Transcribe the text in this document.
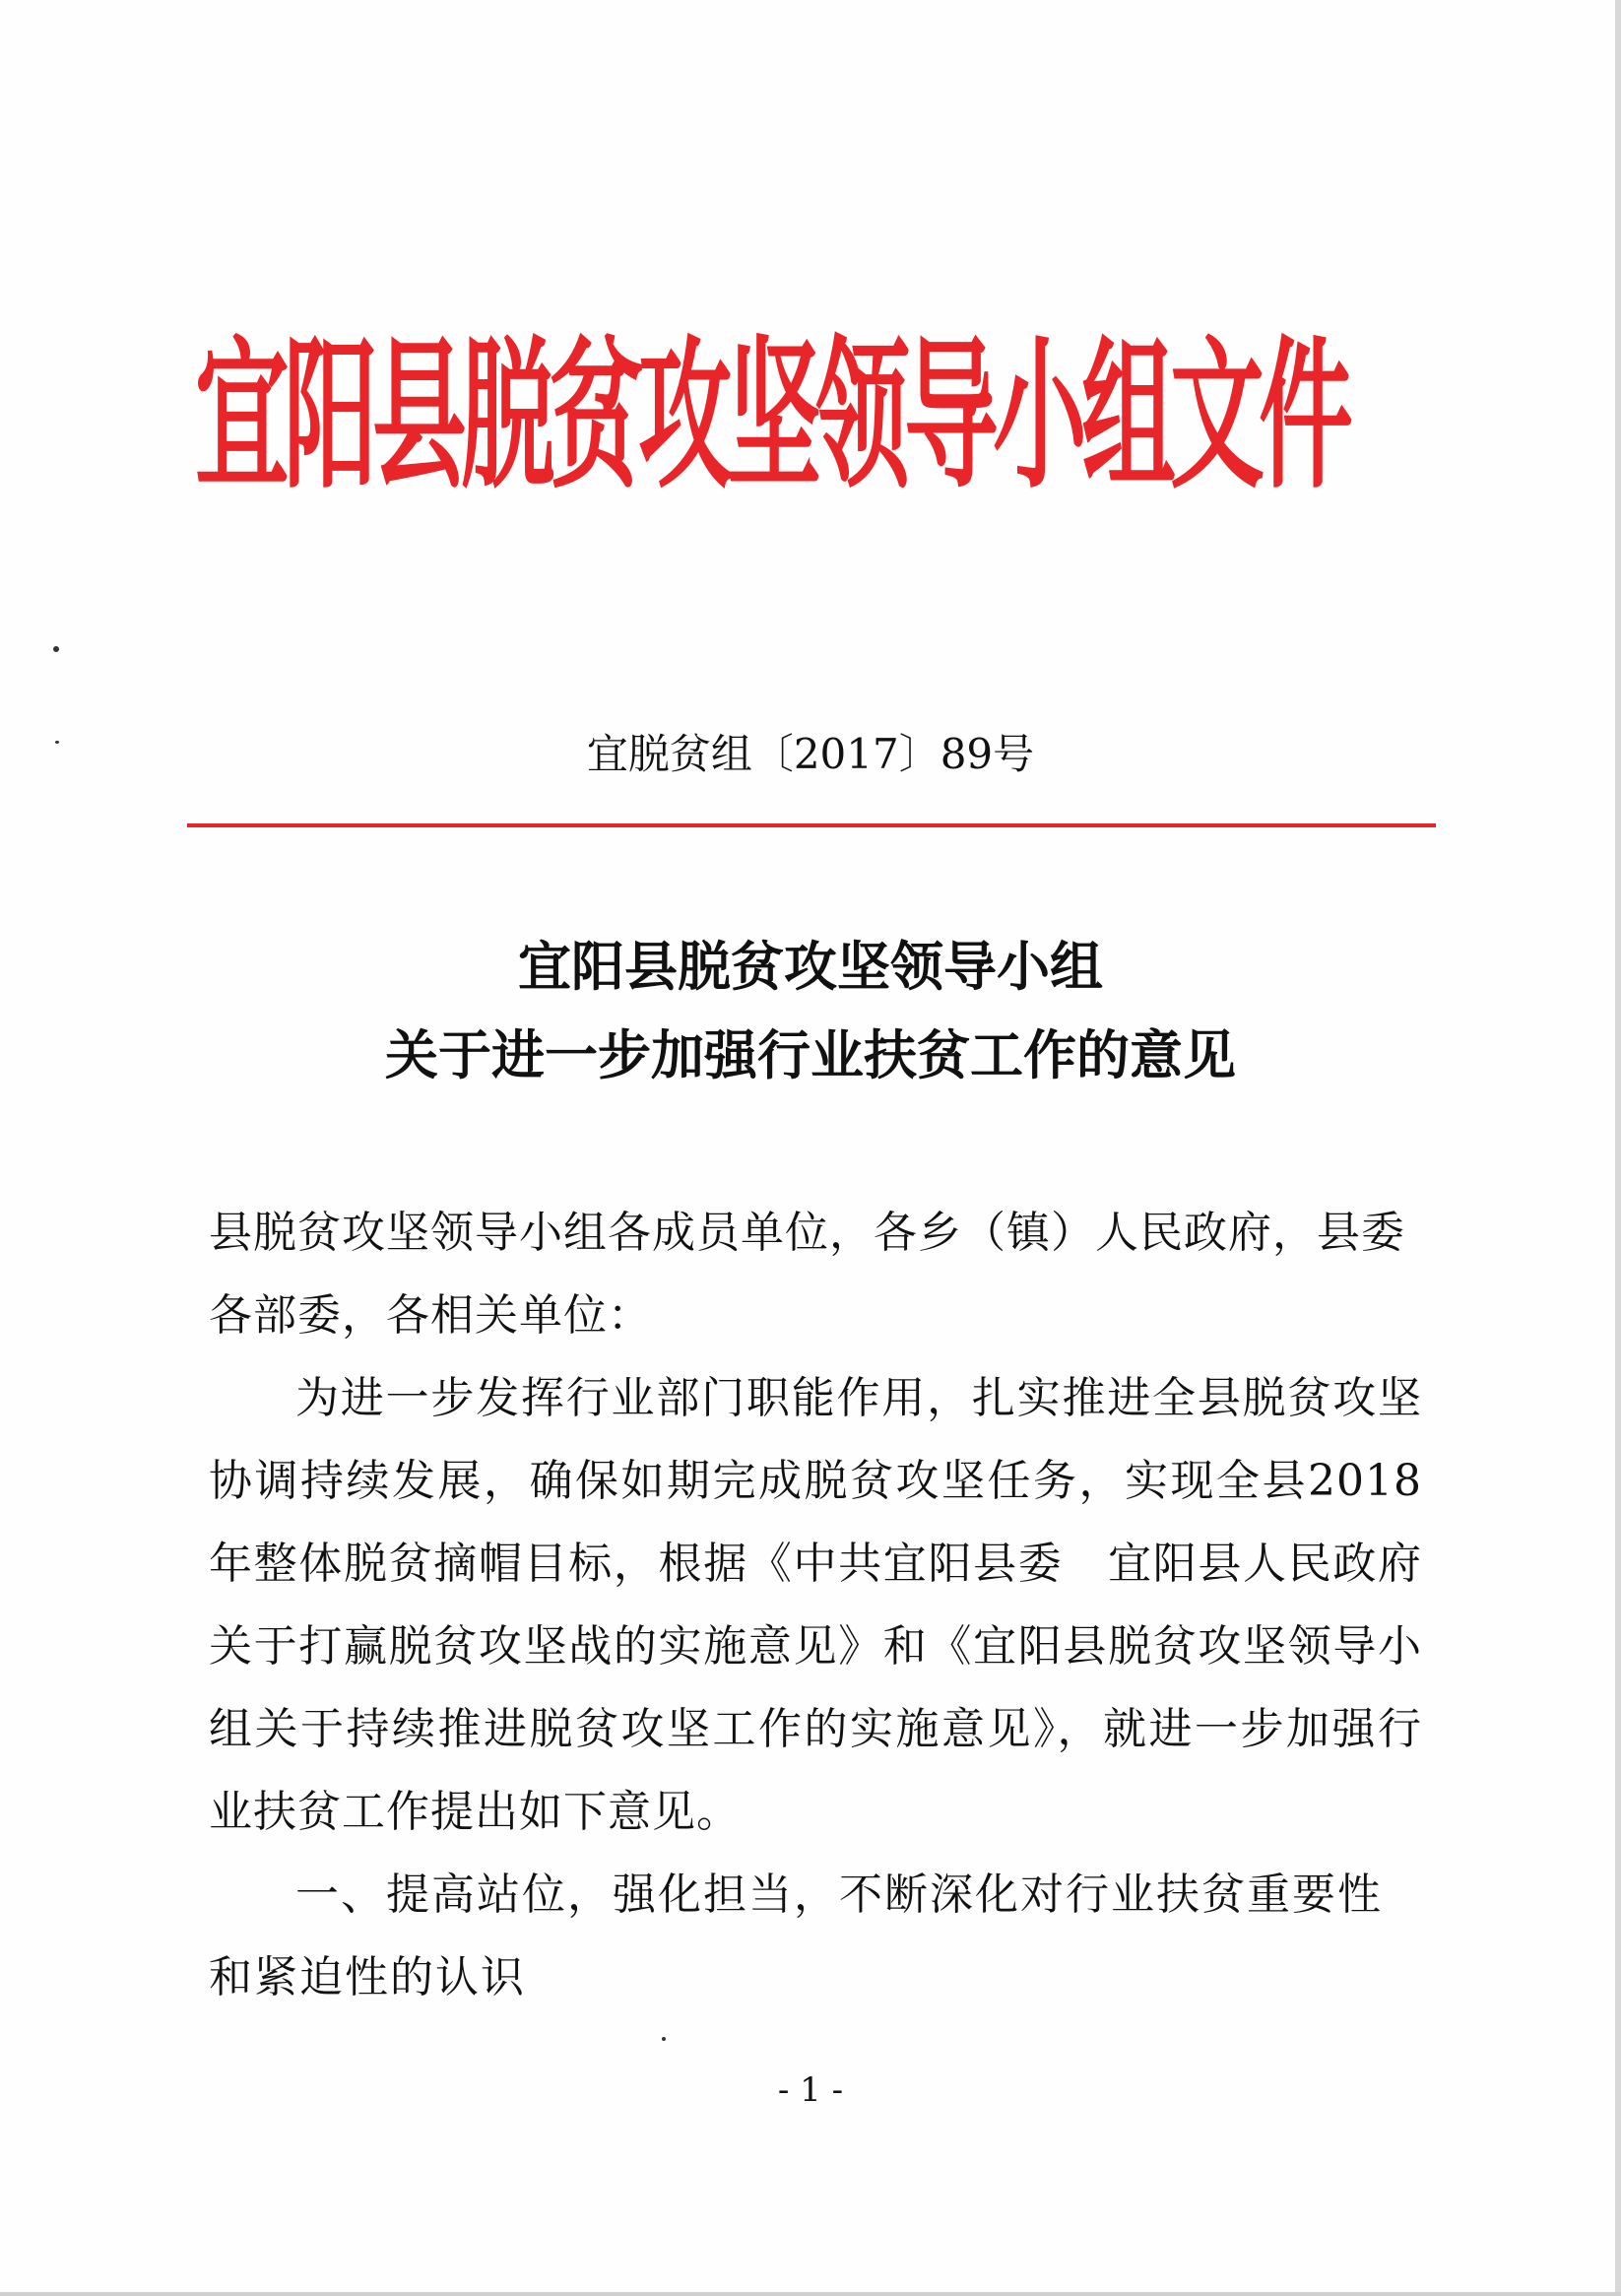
宜阳县脱贫攻坚领导小组文件

宜脱贫组〔2017〕89号

宜阳县脱贫攻坚领导小组
关于进一步加强行业扶贫工作的意见

县脱贫攻坚领导小组各成员单位，各乡（镇）人民政府，县委各部委，各相关单位：

为进一步发挥行业部门职能作用，扎实推进全县脱贫攻坚协调持续发展，确保如期完成脱贫攻坚任务，实现全县2018年整体脱贫摘帽目标，根据《中共宜阳县委　宜阳县人民政府关于打赢脱贫攻坚战的实施意见》和《宜阳县脱贫攻坚领导小组关于持续推进脱贫攻坚工作的实施意见》，就进一步加强行业扶贫工作提出如下意见。

一、提高站位，强化担当，不断深化对行业扶贫重要性和紧迫性的认识

- 1 -
